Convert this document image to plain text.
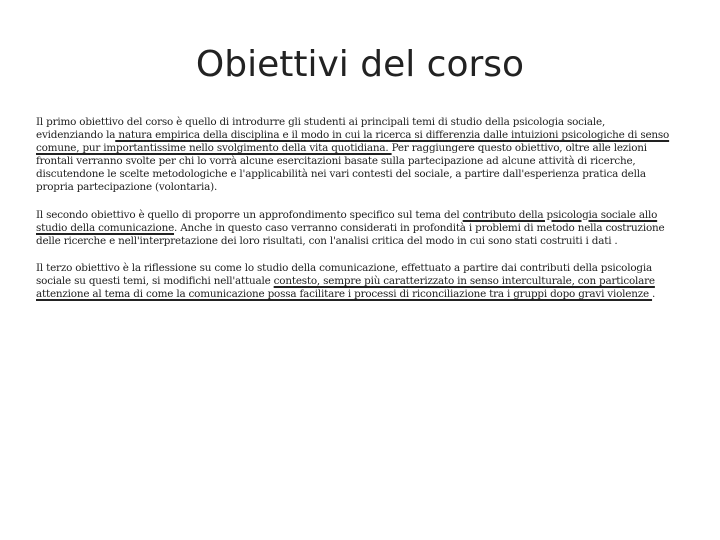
Obiettivi del corso

Il primo obiettivo del corso è quello di introdurre gli studenti ai principali temi di studio della psicologia sociale, evidenziando la natura empirica della disciplina e il modo in cui la ricerca si differenzia dalle intuizioni psicologiche di senso comune, pur importantissime nello svolgimento della vita quotidiana. Per raggiungere questo obiettivo, oltre alle lezioni frontali verranno svolte per chi lo vorrà alcune esercitazioni basate sulla partecipazione ad alcune attività di ricerche, discutendone le scelte metodologiche e l'applicabilità nei vari contesti del sociale, a partire dall'esperienza pratica della propria partecipazione (volontaria).

Il secondo obiettivo è quello di proporre un approfondimento specifico sul tema del contributo della psicologia sociale allo studio della comunicazione. Anche in questo caso verranno considerati in profondità i problemi di metodo nella costruzione delle ricerche e nell'interpretazione dei loro risultati, con l'analisi critica del modo in cui sono stati costruiti i dati .

Il terzo obiettivo è la riflessione su come lo studio della comunicazione, effettuato a partire dai contributi della psicologia sociale su questi temi, si modifichi nell'attuale contesto, sempre più caratterizzato in senso interculturale, con particolare attenzione al tema di come la comunicazione possa facilitare i processi di riconciliazione tra i gruppi dopo gravi violenze .
